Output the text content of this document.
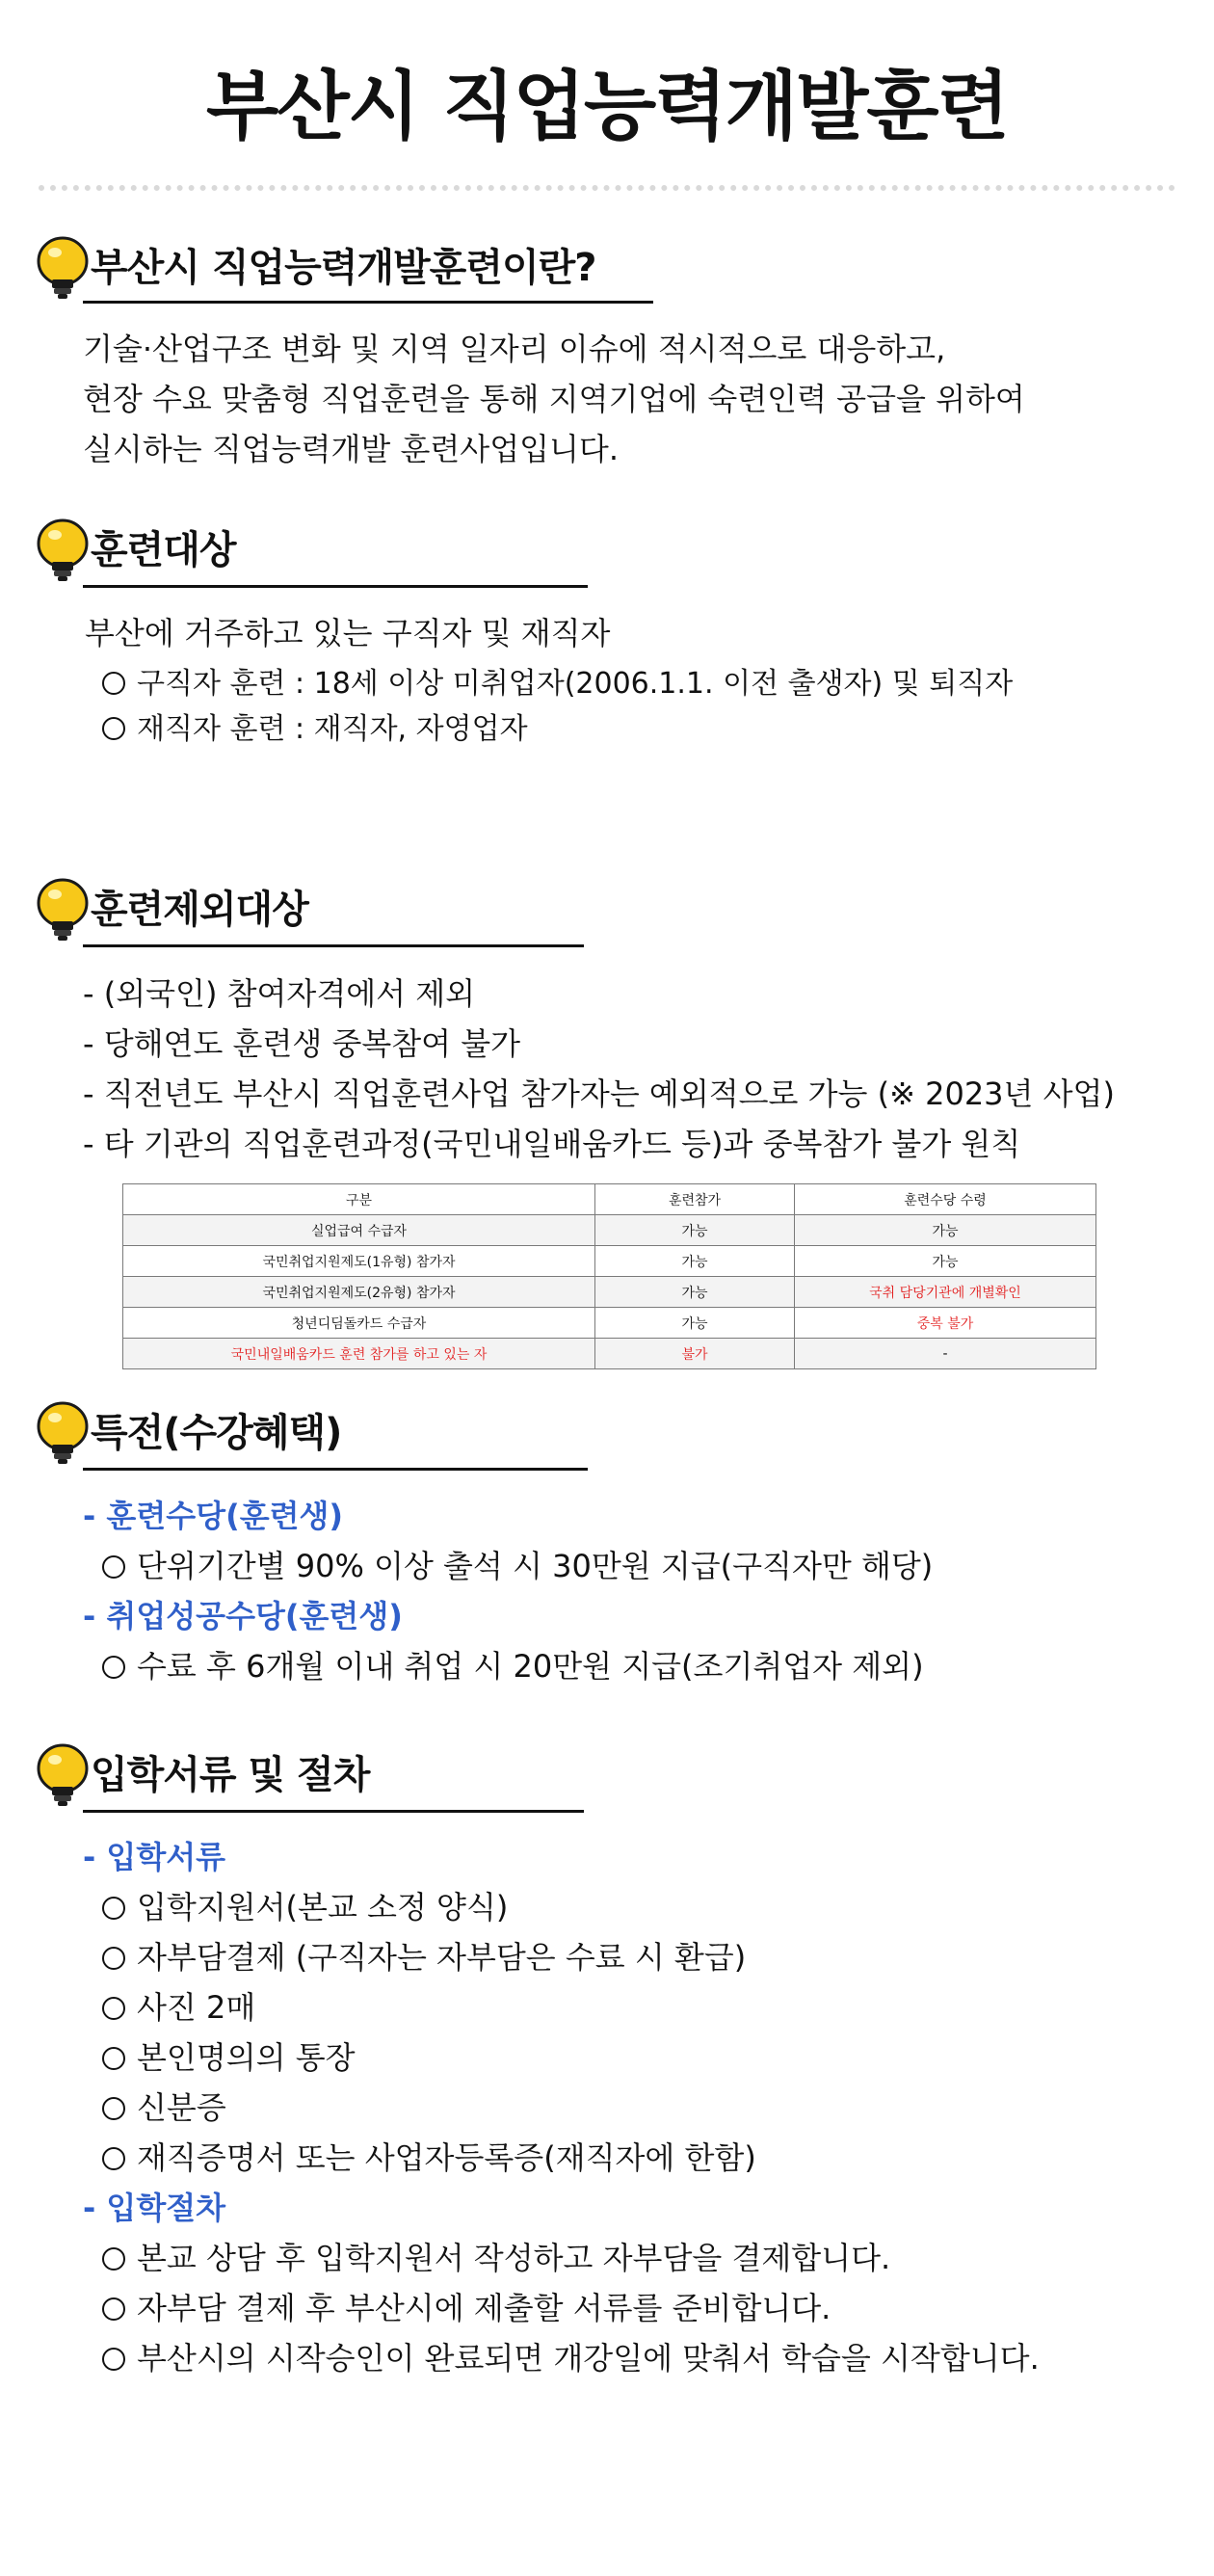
부산시 직업능력개발훈련
부산시 직업능력개발훈련이란?
기술·산업구조 변화 및 지역 일자리 이슈에 적시적으로 대응하고,
현장 수요 맞춤형 직업훈련을 통해 지역기업에 숙련인력 공급을 위하여
실시하는 직업능력개발 훈련사업입니다.
훈련대상
부산에 거주하고 있는 구직자 및 재직자
구직자 훈련 : 18세 이상 미취업자(2006.1.1. 이전 출생자) 및 퇴직자
재직자 훈련 : 재직자, 자영업자
훈련제외대상
- (외국인) 참여자격에서 제외
- 당해연도 훈련생 중복참여 불가
- 직전년도 부산시 직업훈련사업 참가자는 예외적으로 가능 (※ 2023년 사업)
- 타 기관의 직업훈련과정(국민내일배움카드 등)과 중복참가 불가 원칙
구분	훈련참가	훈련수당 수령
실업급여 수급자	가능	가능
국민취업지원제도(1유형) 참가자	가능	가능
국민취업지원제도(2유형) 참가자	가능	국취 담당기관에 개별확인
청년디딤돌카드 수급자	가능	중복 불가
국민내일배움카드 훈련 참가를 하고 있는 자	불가	-
특전(수강혜택)
- 훈련수당(훈련생)
단위기간별 90% 이상 출석 시 30만원 지급(구직자만 해당)
- 취업성공수당(훈련생)
수료 후 6개월 이내 취업 시 20만원 지급(조기취업자 제외)
입학서류 및 절차
- 입학서류
입학지원서(본교 소정 양식)
자부담결제 (구직자는 자부담은 수료 시 환급)
사진 2매
본인명의의 통장
신분증
재직증명서 또는 사업자등록증(재직자에 한함)
- 입학절차
본교 상담 후 입학지원서 작성하고 자부담을 결제합니다.
자부담 결제 후 부산시에 제출할 서류를 준비합니다.
부산시의 시작승인이 완료되면 개강일에 맞춰서 학습을 시작합니다.
